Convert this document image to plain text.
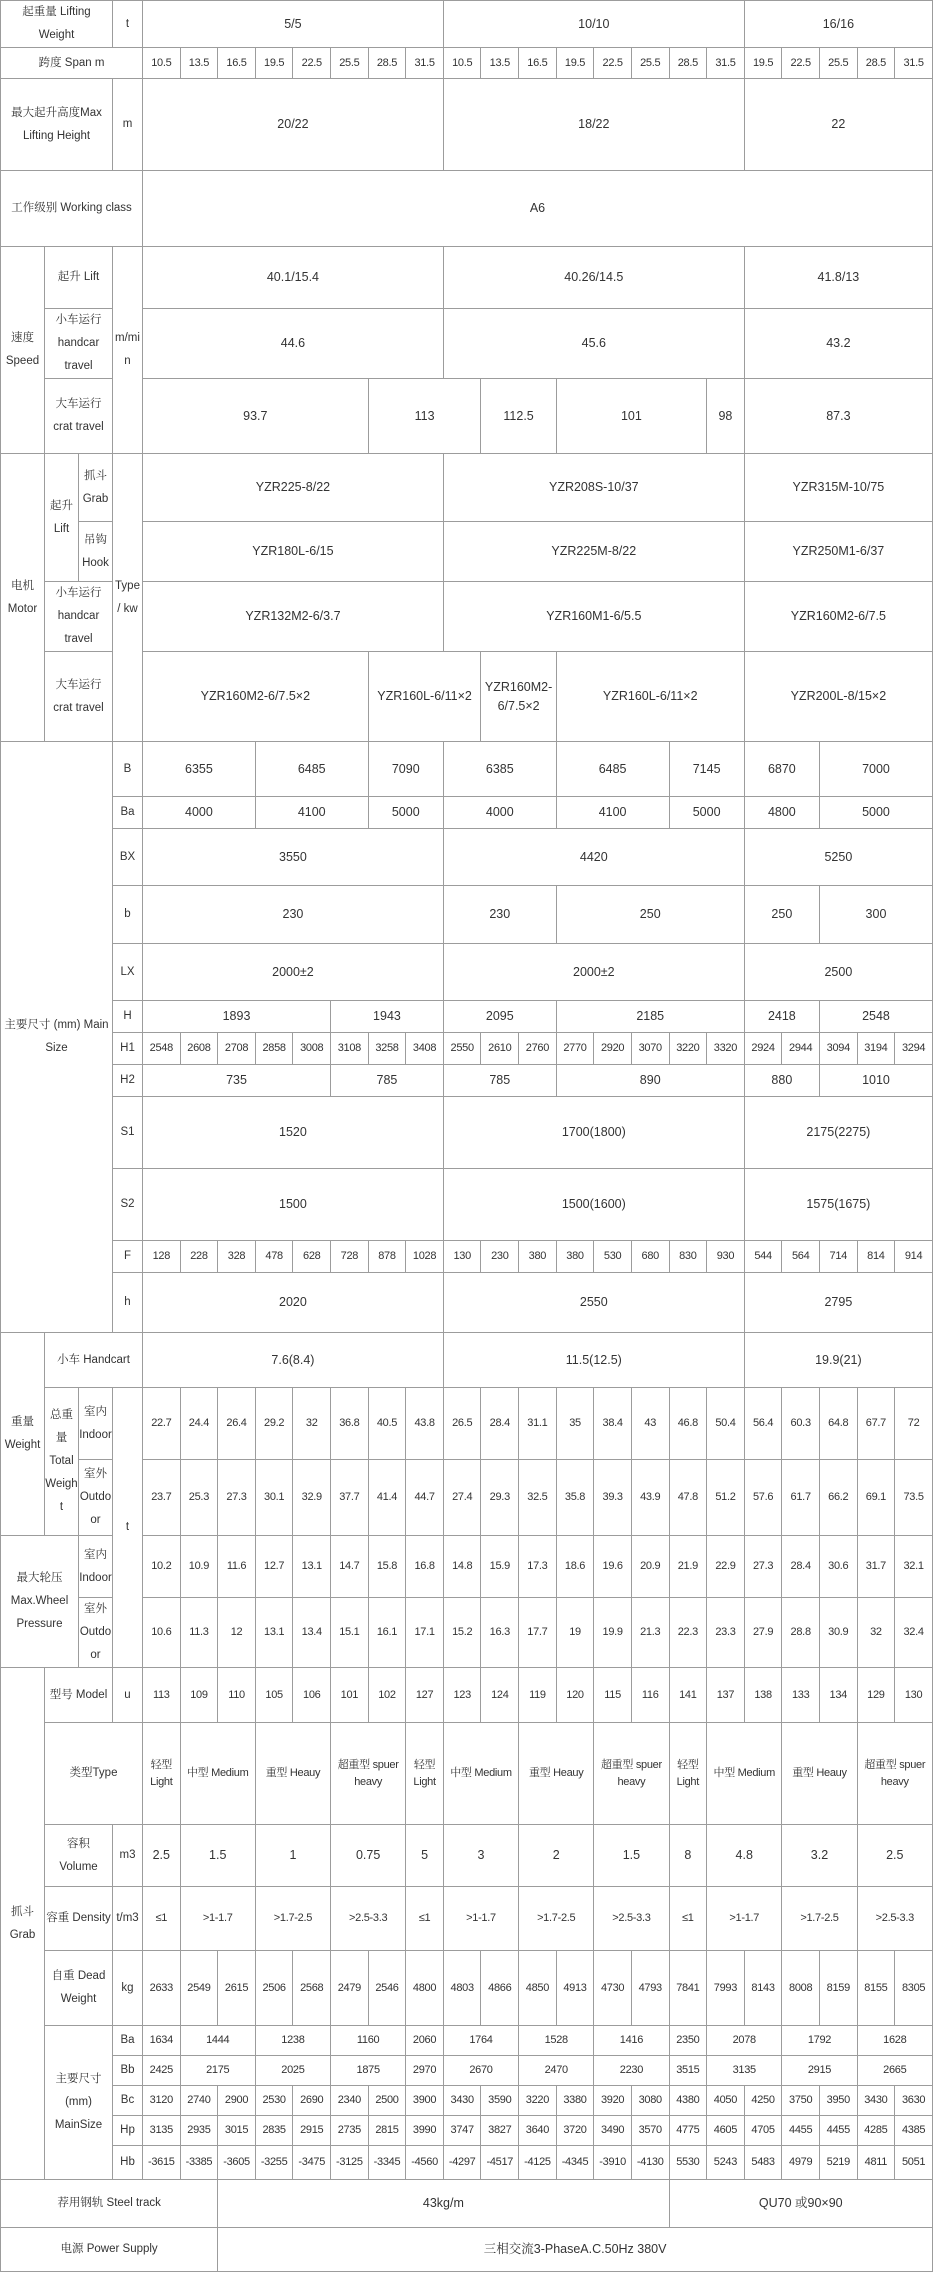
起重量 Lifting Weight			t	5/5								10/10								16/16				
跨度 Span m				10.5	13.5	16.5	19.5	22.5	25.5	28.5	31.5	10.5	13.5	16.5	19.5	22.5	25.5	28.5	31.5	19.5	22.5	25.5	28.5	31.5
最大起升高度Max Lifting Height			m	20/22								18/22								22				
工作级别 Working class				A6																				
速度 Speed	起升 Lift		m/min	40.1/15.4								40.26/14.5								41.8/13				
	小车运行 handcar travel			44.6								45.6								43.2				
	大车运行 crat travel			93.7						113			112.5		101				98	87.3				
电机 Motor	起升 Lift	抓斗 Grab	Type/ kw	YZR225-8/22								YZR208S-10/37								YZR315M-10/75				
		吊钩 Hook		YZR180L-6/15								YZR225M-8/22								YZR250M1-6/37				
	小车运行 handcar travel			YZR132M2-6/3.7								YZR160M1-6/5.5								YZR160M2-6/7.5				
	大车运行 crat travel			YZR160M2-6/7.5×2						YZR160L-6/11×2			YZR160M2-6/7.5×2		YZR160L-6/11×2					YZR200L-8/15×2				
主要尺寸 (mm) Main Size			B	6355			6485			7090		6385			6485			7145		6870		7000		
			Ba	4000			4100			5000		4000			4100			5000		4800		5000		
			BX	3550								4420								5250				
			b	230								230			250					250		300		
			LX	2000±2								2000±2								2500				
			H	1893					1943			2095			2185					2418		2548		
			H1	2548	2608	2708	2858	3008	3108	3258	3408	2550	2610	2760	2770	2920	3070	3220	3320	2924	2944	3094	3194	3294
			H2	735					785			785			890					880		1010		
			S1	1520								1700(1800)								2175(2275)				
			S2	1500								1500(1600)								1575(1675)				
			F	128	228	328	478	628	728	878	1028	130	230	380	380	530	680	830	930	544	564	714	814	914
			h	2020								2550								2795				
重量 Weight	小车 Handcart			7.6(8.4)								11.5(12.5)								19.9(21)				
	总重量 Total Weight	室内 Indoor	t	22.7	24.4	26.4	29.2	32	36.8	40.5	43.8	26.5	28.4	31.1	35	38.4	43	46.8	50.4	56.4	60.3	64.8	67.7	72
		室外 Outdoor		23.7	25.3	27.3	30.1	32.9	37.7	41.4	44.7	27.4	29.3	32.5	35.8	39.3	43.9	47.8	51.2	57.6	61.7	66.2	69.1	73.5
最大轮压 Max.Wheel Pressure		室内 Indoor		10.2	10.9	11.6	12.7	13.1	14.7	15.8	16.8	14.8	15.9	17.3	18.6	19.6	20.9	21.9	22.9	27.3	28.4	30.6	31.7	32.1
		室外 Outdoor		10.6	11.3	12	13.1	13.4	15.1	16.1	17.1	15.2	16.3	17.7	19	19.9	21.3	22.3	23.3	27.9	28.8	30.9	32	32.4
抓斗 Grab	型号 Model		u	113	109	110	105	106	101	102	127	123	124	119	120	115	116	141	137	138	133	134	129	130
	类型Type			轻型 Light	中型 Medium		重型 Heauy		超重型 spuer heavy		轻型 Light	中型 Medium		重型 Heauy		超重型 spuer heavy		轻型 Light	中型 Medium		重型 Heauy		超重型 spuer heavy	
	容积 Volume		m3	2.5	1.5		1		0.75		5	3		2		1.5		8	4.8		3.2		2.5	
	容重 Density		t/m3	≤1	>1-1.7		>1.7-2.5		>2.5-3.3		≤1	>1-1.7		>1.7-2.5		>2.5-3.3		≤1	>1-1.7		>1.7-2.5		>2.5-3.3	
	自重 Dead Weight		kg	2633	2549	2615	2506	2568	2479	2546	4800	4803	4866	4850	4913	4730	4793	7841	7993	8143	8008	8159	8155	8305
	主要尺寸 (mm) MainSize		Ba	1634	1444		1238		1160		2060	1764		1528		1416		2350	2078		1792		1628	
			Bb	2425	2175		2025		1875		2970	2670		2470		2230		3515	3135		2915		2665	
			Bc	3120	2740	2900	2530	2690	2340	2500	3900	3430	3590	3220	3380	3920	3080	4380	4050	4250	3750	3950	3430	3630
			Hp	3135	2935	3015	2835	2915	2735	2815	3990	3747	3827	3640	3720	3490	3570	4775	4605	4705	4455	4455	4285	4385
			Hb	-3615	-3385	-3605	-3255	-3475	-3125	-3345	-4560	-4297	-4517	-4125	-4345	-3910	-4130	5530	5243	5483	4979	5219	4811	5051
荐用钢轨 Steel track						43kg/m												QU70 或90×90						
电源 Power Supply						三相交流3-PhaseA.C.50Hz 380V																		
